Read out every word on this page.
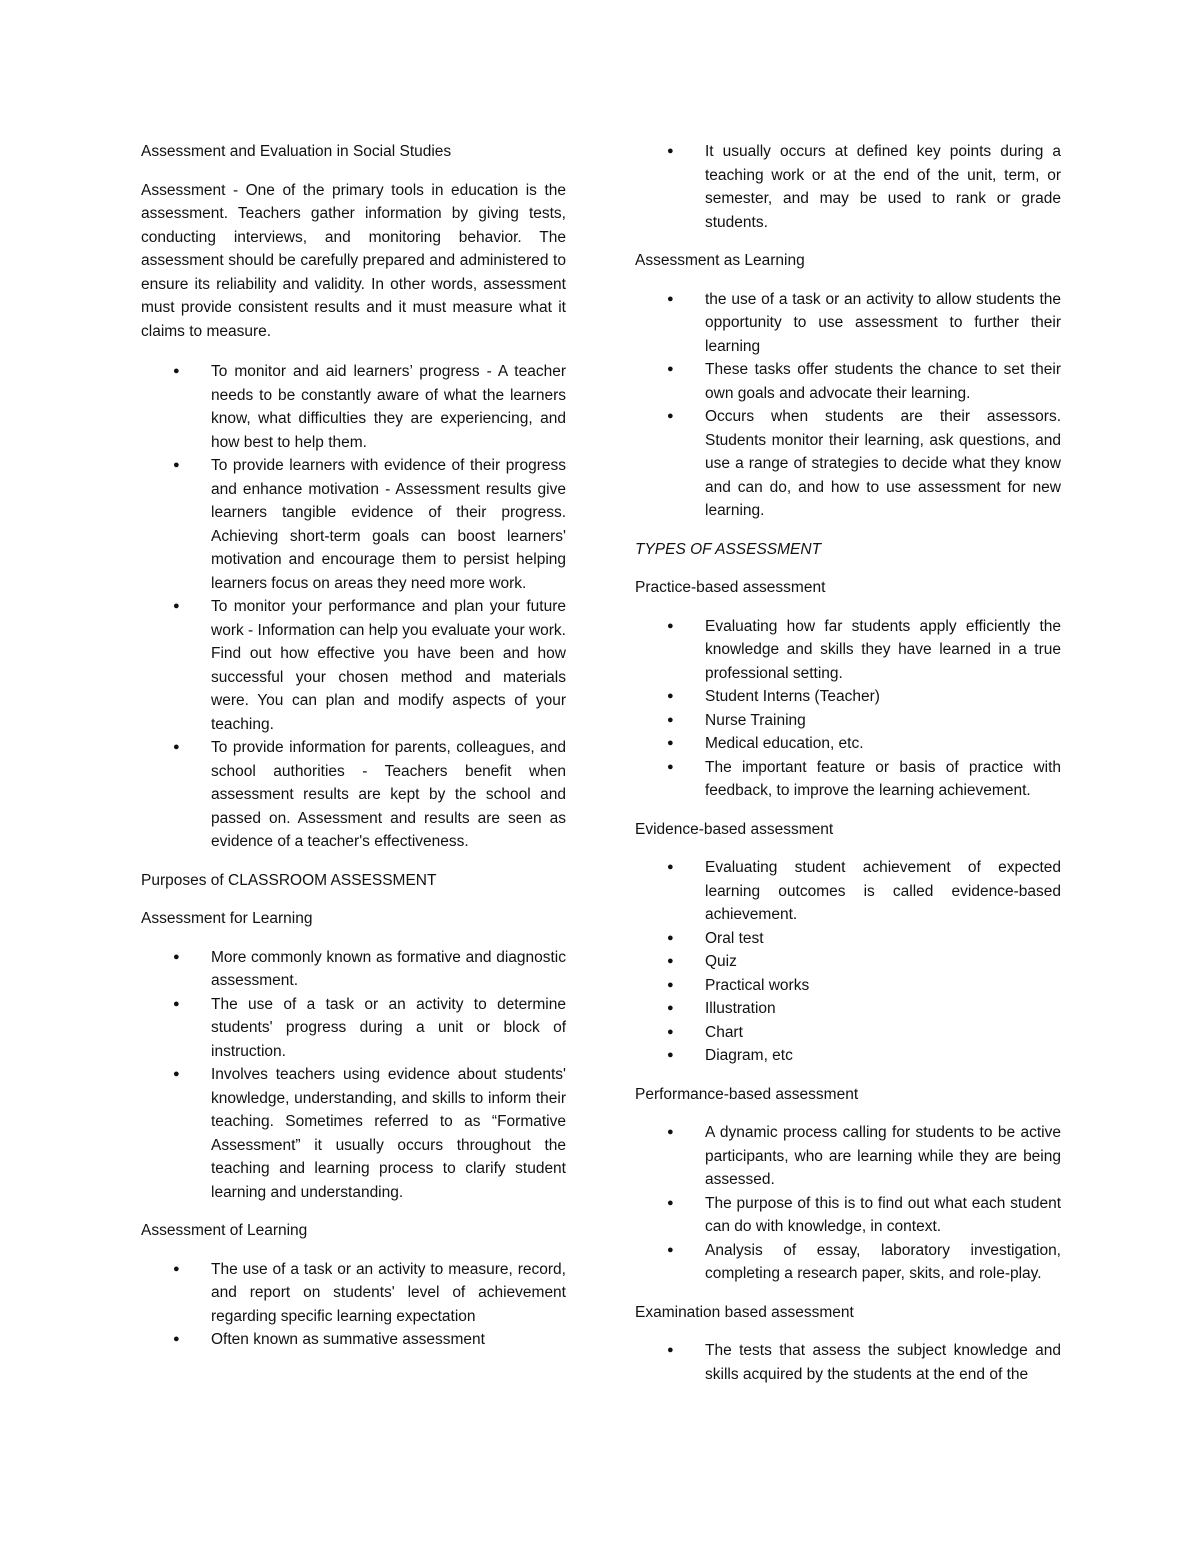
Assessment and Evaluation in Social Studies

Assessment - One of the primary tools in education is the assessment. Teachers gather information by giving tests, conducting interviews, and monitoring behavior. The assessment should be carefully prepared and administered to ensure its reliability and validity. In other words, assessment must provide consistent results and it must measure what it claims to measure.

● To monitor and aid learners’ progress - A teacher needs to be constantly aware of what the learners know, what difficulties they are experiencing, and how best to help them.
● To provide learners with evidence of their progress and enhance motivation - Assessment results give learners tangible evidence of their progress. Achieving short-term goals can boost learners' motivation and encourage them to persist helping learners focus on areas they need more work.
● To monitor your performance and plan your future work - Information can help you evaluate your work. Find out how effective you have been and how successful your chosen method and materials were. You can plan and modify aspects of your teaching.
● To provide information for parents, colleagues, and school authorities - Teachers benefit when assessment results are kept by the school and passed on. Assessment and results are seen as evidence of a teacher's effectiveness.
Purposes of CLASSROOM ASSESSMENT
Assessment for Learning
● More commonly known as formative and diagnostic assessment.
● The use of a task or an activity to determine students' progress during a unit or block of instruction.
● Involves teachers using evidence about students' knowledge, understanding, and skills to inform their teaching. Sometimes referred to as “Formative Assessment” it usually occurs throughout the teaching and learning process to clarify student learning and understanding.
Assessment of Learning
● The use of a task or an activity to measure, record, and report on students' level of achievement regarding specific learning expectation
● Often known as summative assessment
● It usually occurs at defined key points during a teaching work or at the end of the unit, term, or semester, and may be used to rank or grade students.
Assessment as Learning
● the use of a task or an activity to allow students the opportunity to use assessment to further their learning
● These tasks offer students the chance to set their own goals and advocate their learning.
● Occurs when students are their assessors. Students monitor their learning, ask questions, and use a range of strategies to decide what they know and can do, and how to use assessment for new learning.
TYPES OF ASSESSMENT
Practice-based assessment
● Evaluating how far students apply efficiently the knowledge and skills they have learned in a true professional setting.
● Student Interns (Teacher)
● Nurse Training
● Medical education, etc.
● The important feature or basis of practice with feedback, to improve the learning achievement.
Evidence-based assessment
● Evaluating student achievement of expected learning outcomes is called evidence-based achievement.
● Oral test
● Quiz
● Practical works
● Illustration
● Chart
● Diagram, etc
Performance-based assessment
● A dynamic process calling for students to be active participants, who are learning while they are being assessed.
● The purpose of this is to find out what each student can do with knowledge, in context.
● Analysis of essay, laboratory investigation, completing a research paper, skits, and role-play.
Examination based assessment
● The tests that assess the subject knowledge and skills acquired by the students at the end of the
